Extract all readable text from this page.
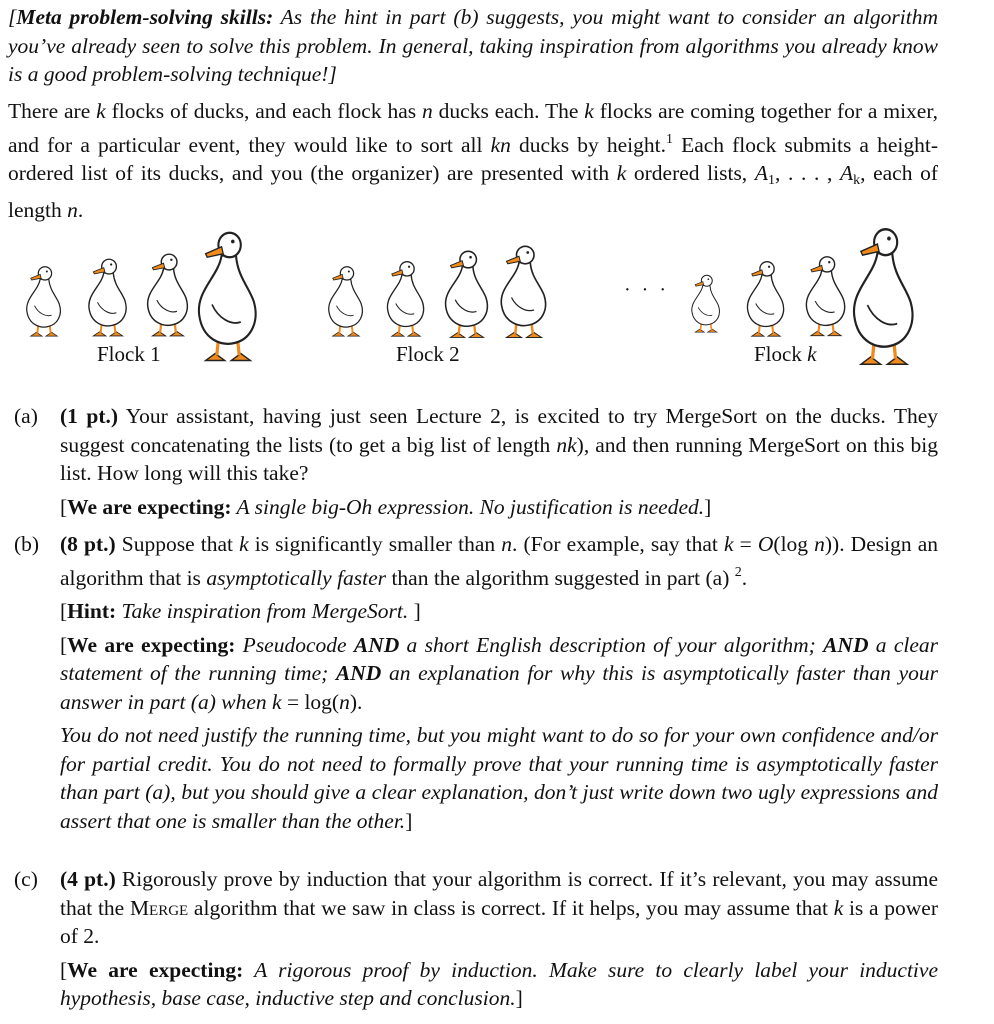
[Meta problem-solving skills: As the hint in part (b) suggests, you might want to consider an algorithm you’ve already seen to solve this problem. In general, taking inspiration from algorithms you already know is a good problem-solving technique!]

There are k flocks of ducks, and each flock has n ducks each. The k flocks are coming together for a mixer, and for a particular event, they would like to sort all kn ducks by height.$^1$ Each flock submits a height-ordered list of its ducks, and you (the organizer) are presented with k ordered lists, $A_1$, . . . , $A_k$, each of length n.

· · ·
Flock 1	Flock 2	Flock k
(a) (1 pt.) Your assistant, having just seen Lecture 2, is excited to try MergeSort on the ducks. They suggest concatenating the lists (to get a big list of length nk), and then running MergeSort on this big list. How long will this take?

[We are expecting: A single big-Oh expression. No justification is needed.]

(b) (8 pt.) Suppose that k is significantly smaller than n. (For example, say that k = O(log n)). Design an algorithm that is asymptotically faster than the algorithm suggested in part (a) $^2$.

[Hint: Take inspiration from MergeSort. ]

[We are expecting: Pseudocode AND a short English description of your algorithm; AND a clear statement of the running time; AND an explanation for why this is asymptotically faster than your answer in part (a) when k = log(n).

You do not need justify the running time, but you might want to do so for your own confidence and/or for partial credit. You do not need to formally prove that your running time is asymptotically faster than part (a), but you should give a clear explanation, don’t just write down two ugly expressions and assert that one is smaller than the other.]

(c) (4 pt.) Rigorously prove by induction that your algorithm is correct. If it’s relevant, you may assume that the Merge algorithm that we saw in class is correct. If it helps, you may assume that k is a power of 2.

[We are expecting: A rigorous proof by induction. Make sure to clearly label your inductive hypothesis, base case, inductive step and conclusion.]
